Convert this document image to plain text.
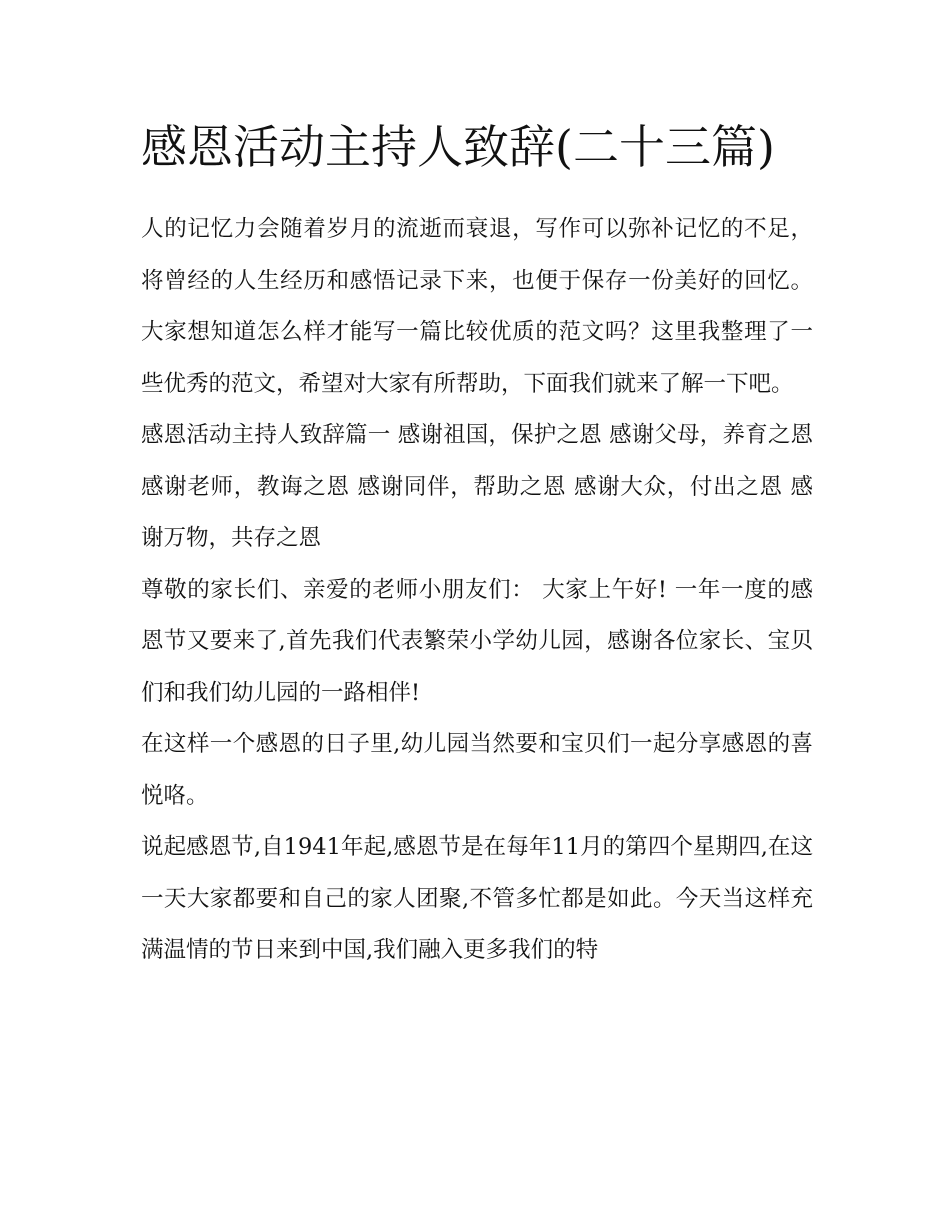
感恩活动主持人致辞(二十三篇)

人的记忆力会随着岁月的流逝而衰退，写作可以弥补记忆的不足，将曾经的人生经历和感悟记录下来，也便于保存一份美好的回忆。大家想知道怎么样才能写一篇比较优质的范文吗？这里我整理了一些优秀的范文，希望对大家有所帮助，下面我们就来了解一下吧。

感恩活动主持人致辞篇一 感谢祖国，保护之恩 感谢父母，养育之恩 感谢老师，教诲之恩 感谢同伴，帮助之恩 感谢大众，付出之恩 感谢万物，共存之恩

尊敬的家长们、亲爱的老师小朋友们： 大家上午好! 一年一度的感恩节又要来了,首先我们代表繁荣小学幼儿园，感谢各位家长、宝贝们和我们幼儿园的一路相伴!

在这样一个感恩的日子里,幼儿园当然要和宝贝们一起分享感恩的喜悦咯。

说起感恩节,自1941年起,感恩节是在每年11月的第四个星期四,在这一天大家都要和自己的家人团聚,不管多忙都是如此。今天当这样充满温情的节日来到中国,我们融入更多我们的特
